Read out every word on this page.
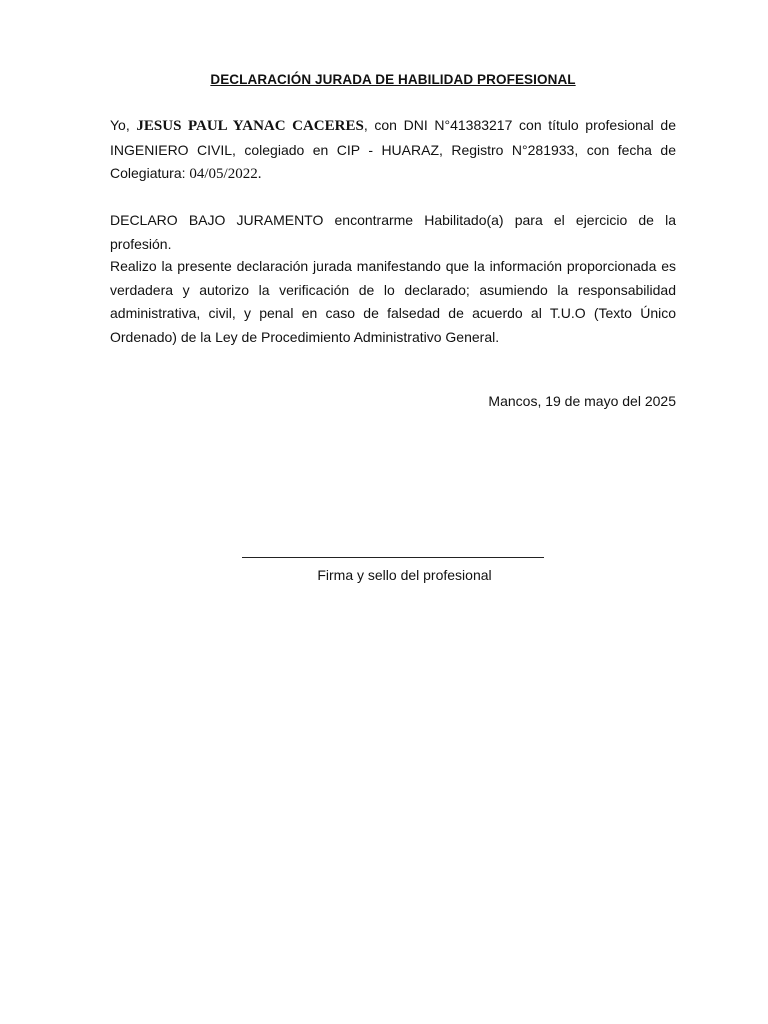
DECLARACIÓN JURADA DE HABILIDAD PROFESIONAL

Yo, JESUS PAUL YANAC CACERES, con DNI N°41383217 con título profesional de INGENIERO CIVIL, colegiado en CIP - HUARAZ, Registro N°281933, con fecha de Colegiatura: 04/05/2022.

DECLARO BAJO JURAMENTO encontrarme Habilitado(a) para el ejercicio de la profesión.

Realizo la presente declaración jurada manifestando que la información proporcionada es verdadera y autorizo la verificación de lo declarado; asumiendo la responsabilidad administrativa, civil, y penal en caso de falsedad de acuerdo al T.U.O (Texto Único Ordenado) de la Ley de Procedimiento Administrativo General.

Mancos, 19 de mayo del 2025
Firma y sello del profesional
